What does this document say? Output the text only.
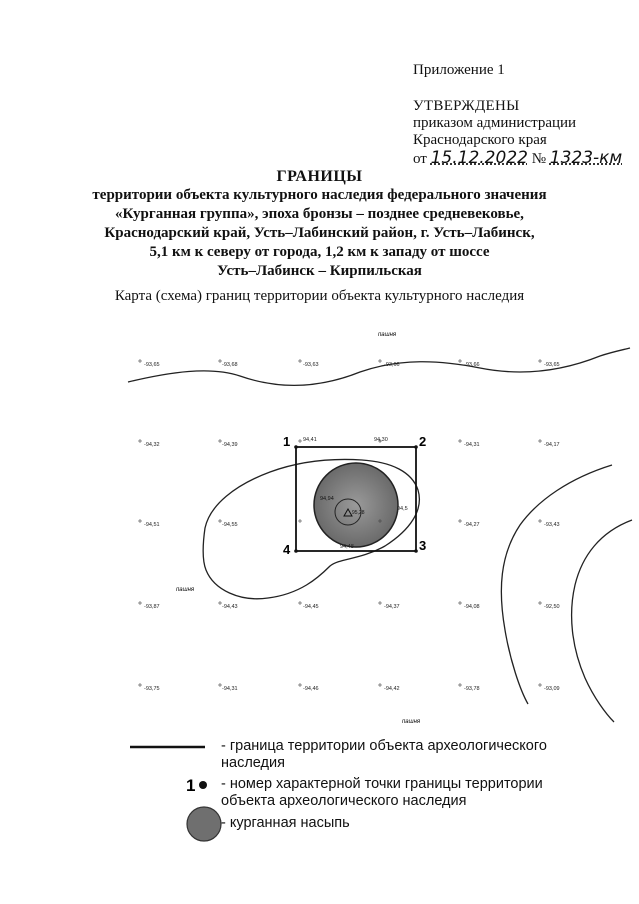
Приложение 1
УТВЕРЖДЕНЫ
приказом администрации
Краснодарского края
от 15.12.2022 № 1323-км
ГРАНИЦЫ
территории объекта культурного наследия федерального значения
«Курганная группа», эпоха бронзы – позднее средневековье,
Краснодарский край, Усть–Лабинский район, г. Усть–Лабинск,
5,1 км к северу от города, 1,2 км к западу от шоссе
Усть–Лабинск – Кирпильская
Карта (схема) границ территории объекта культурного наследия
пашня
пашня
пашня
-93,65	-93,68	-93,63	-93,66	-93,66	-93,65
-94,32	-94,39
94,41	94,30
-94,31	-94,17
-94,51	-94,55
94,48
94,5
-94,27	-93,43
-93,87	-94,43	-94,45	-94,37	-94,08	-92,50
-93,75	-94,31	-94,46	-94,42	-93,78	-93,09
94,94
95,28
1	2
3
4
1
- граница территории объекта археологического
наследия
- номер характерной точки границы территории
объекта археологического наследия
- курганная насыпь
